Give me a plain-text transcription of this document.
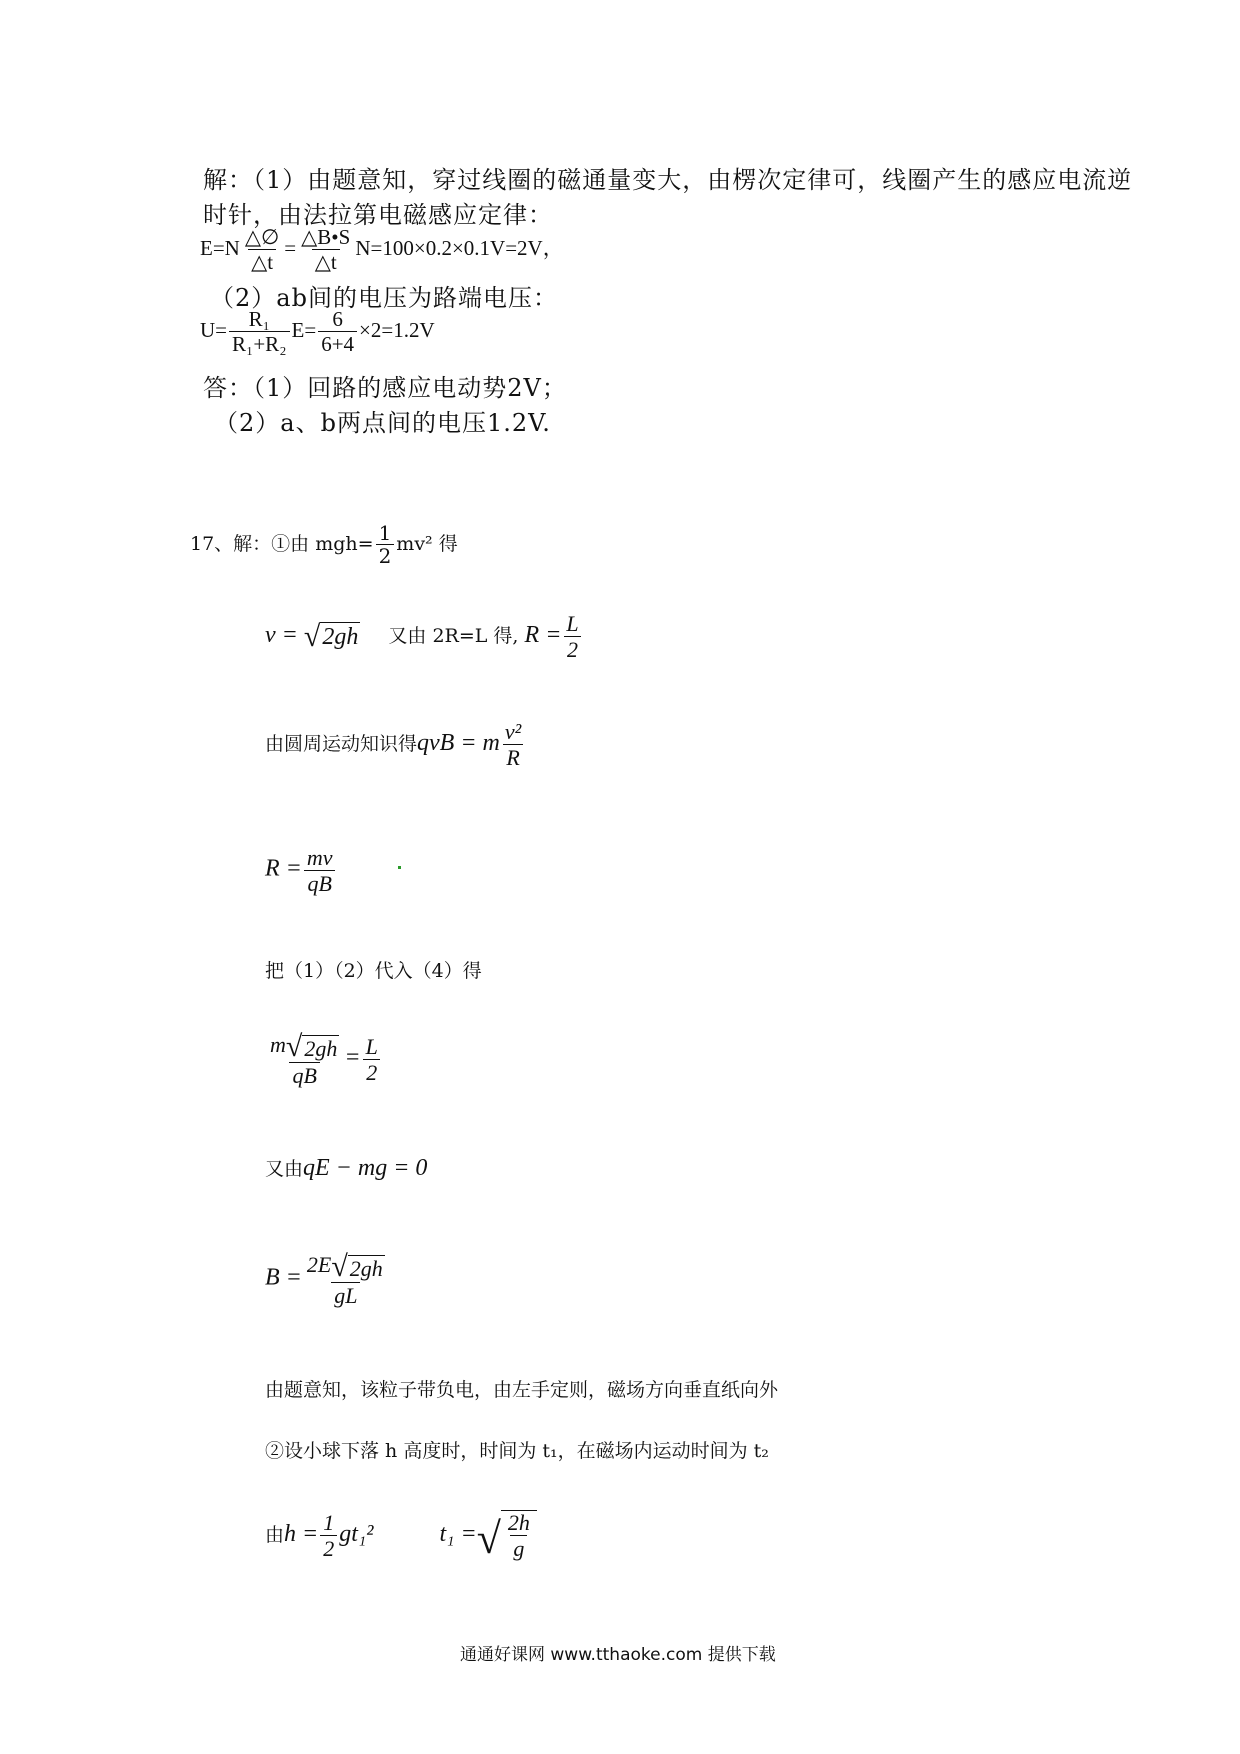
解：（1）由题意知，穿过线圈的磁通量变大，由楞次定律可，线圈产生的感应电流逆
时针，由法拉第电磁感应定律：
$E=N \frac{\triangle\emptyset}{\triangle t} = \frac{\triangle B•S}{\triangle t} N=100\times 0.2\times 0.1V=2V$，
（2）ab间的电压为路端电压：
$U= \frac{\text{R₁}}{\text{R₁+R₂}} E= \frac{6}{6+4} \times 2=1.2V$
答：（1）回路的感应电动势2V；
（2）a、b两点间的电压1.2V.
17、解：①由 $mgh= \frac{1}{2} mv^2$ 得
v = √ 2gh 又由 2R=L 得, $R = \frac{L}{2}$
由圆周运动知识得qvB = m $\frac{\text{v²}}{R}$
$R = \frac{mv}{qB}$
把（1）（2）代入（4）得
$\frac{m √ 2gh}{qB} = \frac{L}{2}$
又由qE − mg = 0
$B = \frac{2E √ 2gh}{gL}$
由题意知，该粒子带负电，由左手定则，磁场方向垂直纸向外
②设小球下落 h 高度时，时间为 t₁，在磁场内运动时间为 t₂
由$h = \frac{1}{2} gt_1^2$	t₁ = √ $\frac{2h}{g}$
通通好课网 www.tthaoke.com 提供下载
